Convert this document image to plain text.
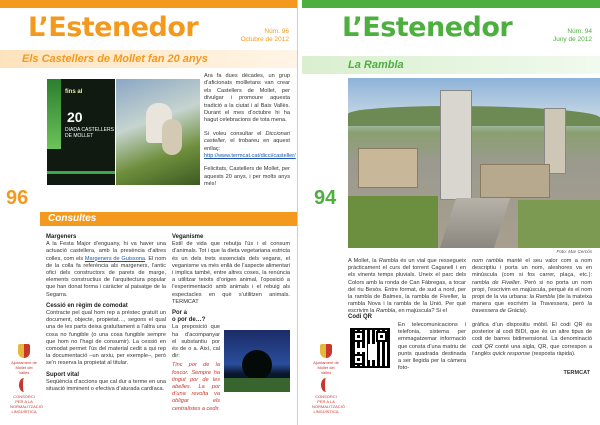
L’Estenedor	Núm. 96
Octubre de 2012
Els Castellers de Mollet fan 20 anys
96
fins al
20
DIADA CASTELLERS DE MOLLET

Ara fa dues dècades, un grup d’aficionats mollletans van crear els Castellers de Mollet, per divulgar i promoure aquesta tradició a la ciutat i al Baix Vallès. Durant el mes d’octubre hi ha hagut celebracions de tota mena.

Si voleu consultar el Diccionari casteller, el trobareu en aquest enllaç: http://www.termcat.cat/dicci/casteller/

Felicitats, Castellers de Mollet, per aquests 20 anys, i per molts anys més!

Consultes
Margeners

A la Festa Major d’enguany, hi va haver una actuació castellera, amb la presència d’altres colles, com els Margeners de Guissona. El nom de la colla fa referència als margeners, l’antic ofici dels constructors de parets de marge, elements constructius de l’arquitectura popular que han donat forma i caràcter al paisatge de la Segarra.

Cessió en règim de comodat

Contracte pel qual hom rep a préstec gratuït un document, objecte, propietat…, segons el qual una de les parts deixa gratuïtament a l’altra una cosa no fungible (o una cosa fungible sempre que hom no l’hagi de consumir). La cessió en comodat permet l’ús del material cedit a qui rep la documentació –un arxiu, per exemple–, però se’n reserva la propietat al titular.

Suport vital

Seqüència d’accions que cal dur a terme en una situació imminent o efectiva d’aturada cardíaca.

Veganisme

Estil de vida que rebutja l’ús i el consum d’animals. Tot i que la dieta vegetariana estricta és un dels trets essencials dels vegans, el veganisme va més enllà de l’aspecte alimentari i implica també, entre altres coses, la renúncia a utilitzar teixits d’origen animal, l’oposició a l’experimentació amb animals i el rebuig als espectacles en què s’utilitzen animals. TERMCAT

Por a
o por de…?

La preposició que ha d’acompanyar el substantiu por és de o a. Així, cal dir:

Tinc por de la foscor. Sempre ha tingut por de les abelles. La por d’una revolta va obligar els centralistes a cedir.

Ajuntament de Mollet del Vallès
CONSORCI PER A LA NORMALITZACIÓ LINGÜÍSTICA
L’Estenedor	Núm. 94
Juny de 2012
La Rambla
94
Foto: Mar Cercós

A Mollet, la Rambla és un vial que ressegueix pràcticament el curs del torrent Caganell i en els vinents temps pluvials. Uneix el parc dels Colors amb la ronda de Can Fàbregas, a tocar del riu Besòs. Entre format, de sud a nord, per la rambla de Balmes, la rambla de Fiveller, la rambla Nova i la rambla de la Unió. Per què escrivim la Rambla, en majúscula? Si el

nom rambla manté el seu valor com a nom descriptiu i porta un nom, aleshores va en minúscula (com si fos carrer, plaça, etc.): rambla de Fiveller. Però si no porta un nom propi, l’escrivim en majúscula, perquè és el nom propi de la via urbana: la Rambla (de la mateixa manera que escrivim la Travessera, però la travessera de Gràcia).

Codi QR

En telecomunicacions i telefonia, sistema per emmagatzemar informació que consta d’una matriu de punts quadrada destinada a ser llegida per la càmera foto-

gràfica d’un dispositiu mòbil. El codi QR és posterior al codi BIDI, que és un altre tipus de codi de barres bidimensional. La denominació codi QR conté una sigla, QR, que correspon a l’anglès quick response (resposta ràpida).

TERMCAT
Ajuntament de Mollet del Vallès
CONSORCI PER A LA NORMALITZACIÓ LINGÜÍSTICA
